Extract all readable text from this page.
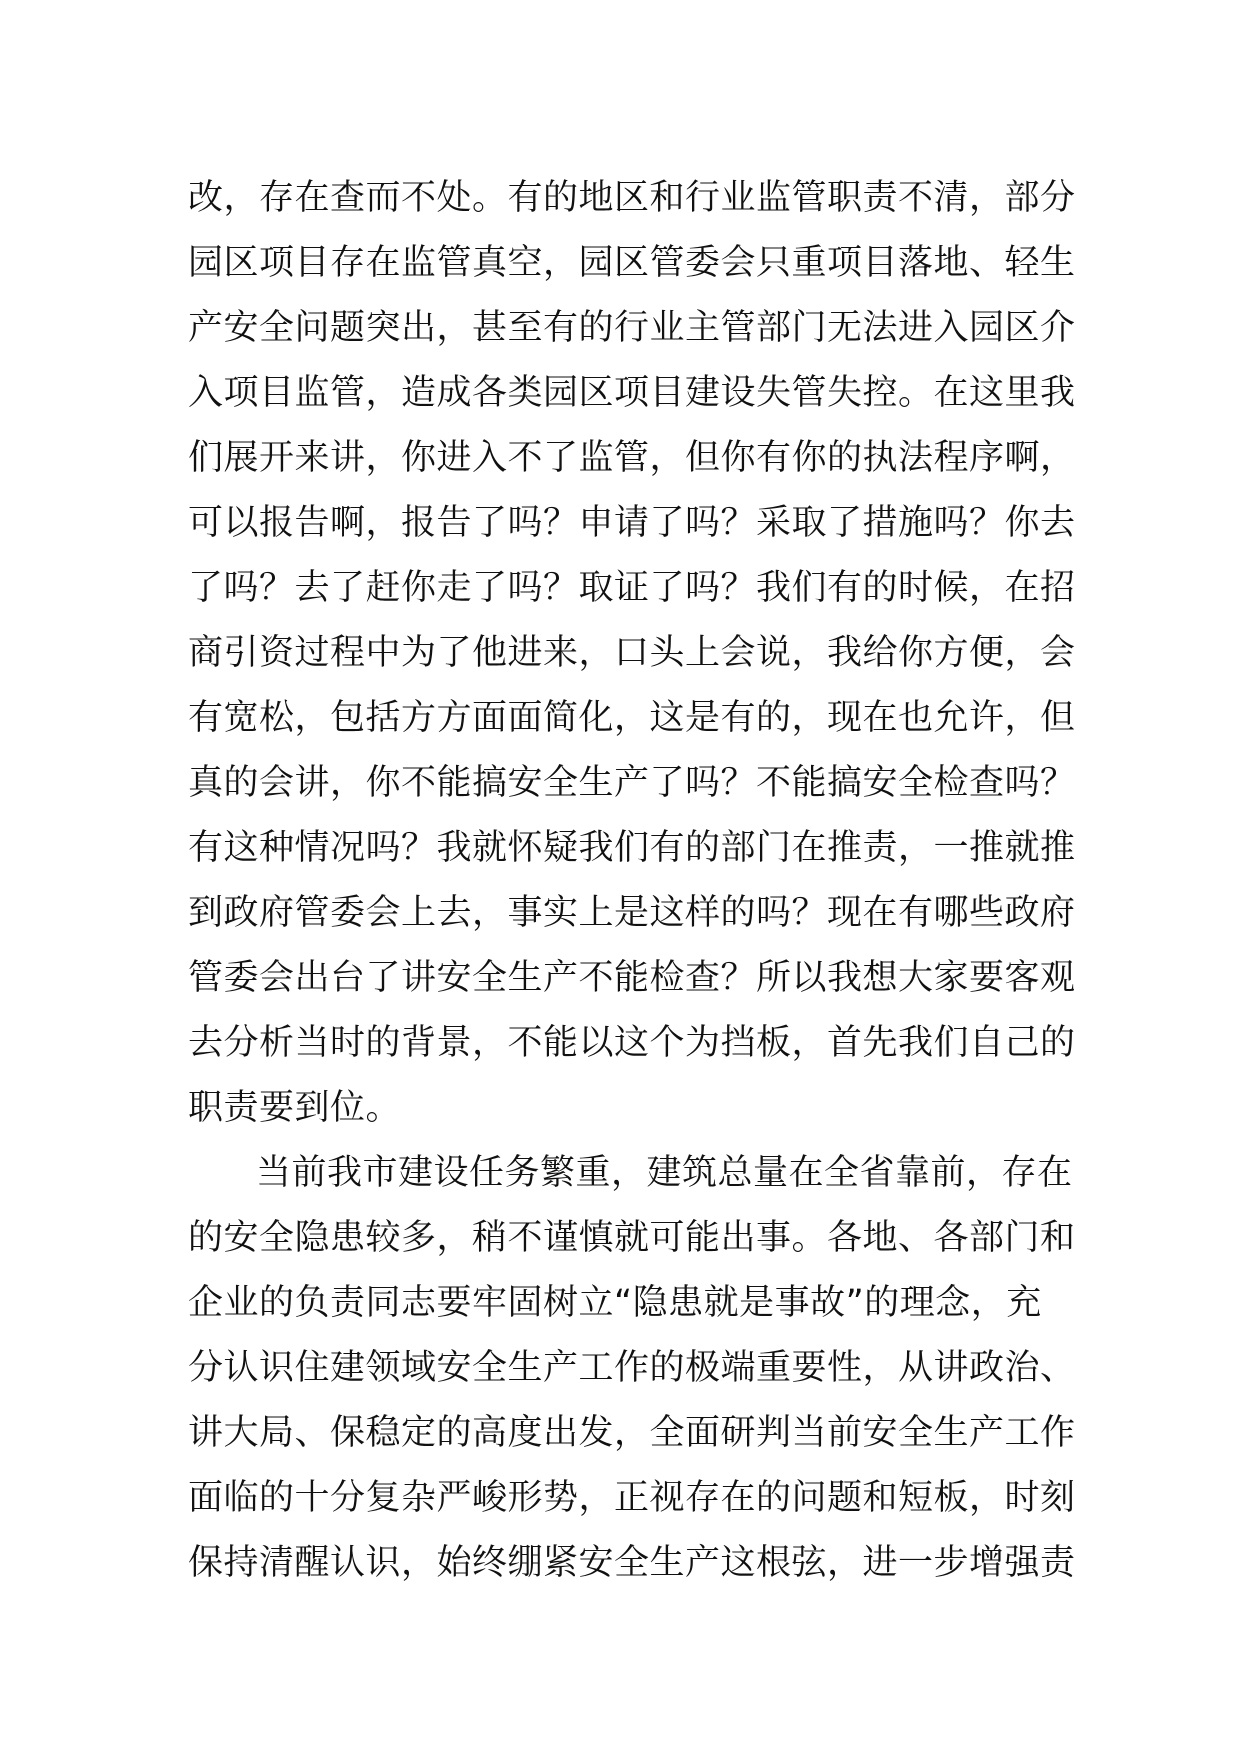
改，存在查而不处。有的地区和行业监管职责不清，部分
园区项目存在监管真空，园区管委会只重项目落地、轻生
产安全问题突出，甚至有的行业主管部门无法进入园区介
入项目监管，造成各类园区项目建设失管失控。在这里我
们展开来讲，你进入不了监管，但你有你的执法程序啊，
可以报告啊，报告了吗？申请了吗？采取了措施吗？你去
了吗？去了赶你走了吗？取证了吗？我们有的时候，在招
商引资过程中为了他进来，口头上会说，我给你方便，会
有宽松，包括方方面面简化，这是有的，现在也允许，但
真的会讲，你不能搞安全生产了吗？不能搞安全检查吗？
有这种情况吗？我就怀疑我们有的部门在推责，一推就推
到政府管委会上去，事实上是这样的吗？现在有哪些政府
管委会出台了讲安全生产不能检查？所以我想大家要客观
去分析当时的背景，不能以这个为挡板，首先我们自己的
职责要到位。
当前我市建设任务繁重，建筑总量在全省靠前，存在
的安全隐患较多，稍不谨慎就可能出事。各地、各部门和
企业的负责同志要牢固树立“隐患就是事故”的理念，充
分认识住建领域安全生产工作的极端重要性，从讲政治、
讲大局、保稳定的高度出发，全面研判当前安全生产工作
面临的十分复杂严峻形势，正视存在的问题和短板，时刻
保持清醒认识，始终绷紧安全生产这根弦，进一步增强责
